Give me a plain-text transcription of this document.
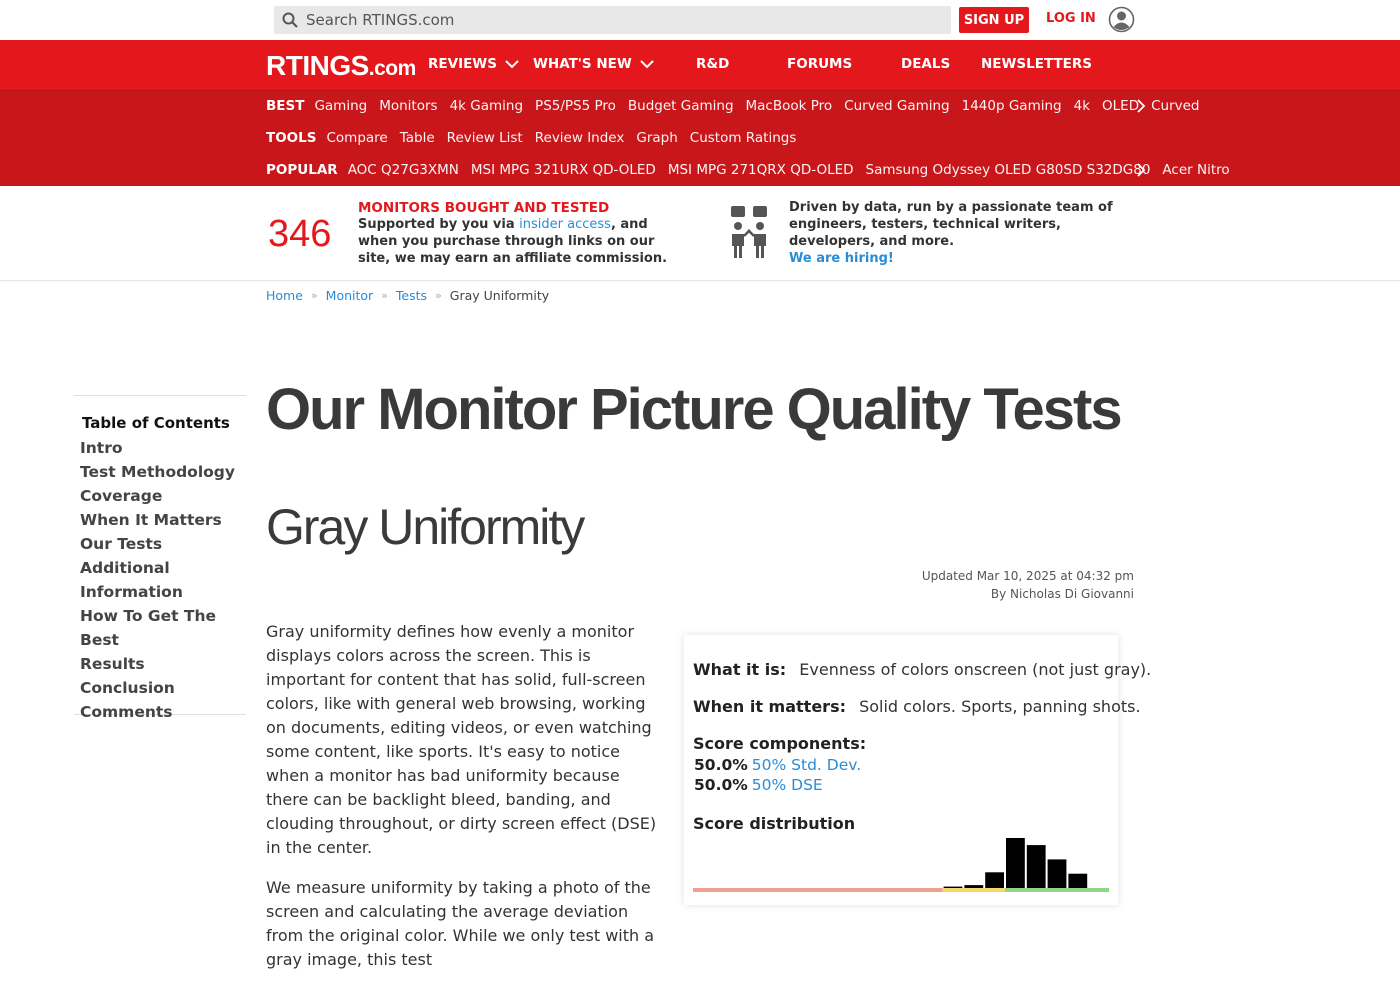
Search RTINGS.com
SIGN UP	LOG IN
RTINGS.com REVIEWS	WHAT'S NEW	R&D	FORUMS	DEALS NEWSLETTERS
BEST Gaming Monitors 4k Gaming PS5/PS5 Pro Budget Gaming MacBook Pro Curved Gaming 1440p Gaming 4k OLED Curved
TOOLS Compare Table Review List Review Index Graph Custom Ratings
POPULAR AOC Q27G3XMN MSI MPG 321URX QD-OLED MSI MPG 271QRX QD-OLED Samsung Odyssey OLED G80SD S32DG80 Acer Nitro
346
MONITORS BOUGHT AND TESTED
Supported by you via insider access, and when you purchase through links on our site, we may earn an affiliate commission.
Driven by data, run by a passionate team of engineers, testers, technical writers, developers, and more.
We are hiring!
Home » Monitor » Tests » Gray Uniformity
Table of Contents
Intro
Test Methodology
Coverage
When It Matters
Our Tests
Additional
Information
How To Get The Best
Results
Conclusion
Comments
Our Monitor Picture Quality Tests
Gray Uniformity
Updated Mar 10, 2025 at 04:32 pm
By Nicholas Di Giovanni

Gray uniformity defines how evenly a monitor displays colors across the screen. This is important for content that has solid, full-screen colors, like with general web browsing, working on documents, editing videos, or even watching some content, like sports. It's easy to notice when a monitor has bad uniformity because there can be backlight bleed, banding, and clouding throughout, or dirty screen effect (DSE) in the center.

We measure uniformity by taking a photo of the screen and calculating the average deviation from the original color. While we only test with a gray image, this test

What it is: Evenness of colors onscreen (not just gray).
When it matters: Solid colors. Sports, panning shots.
Score components:
50.0% 50% Std. Dev.
50.0% 50% DSE
Score distribution
